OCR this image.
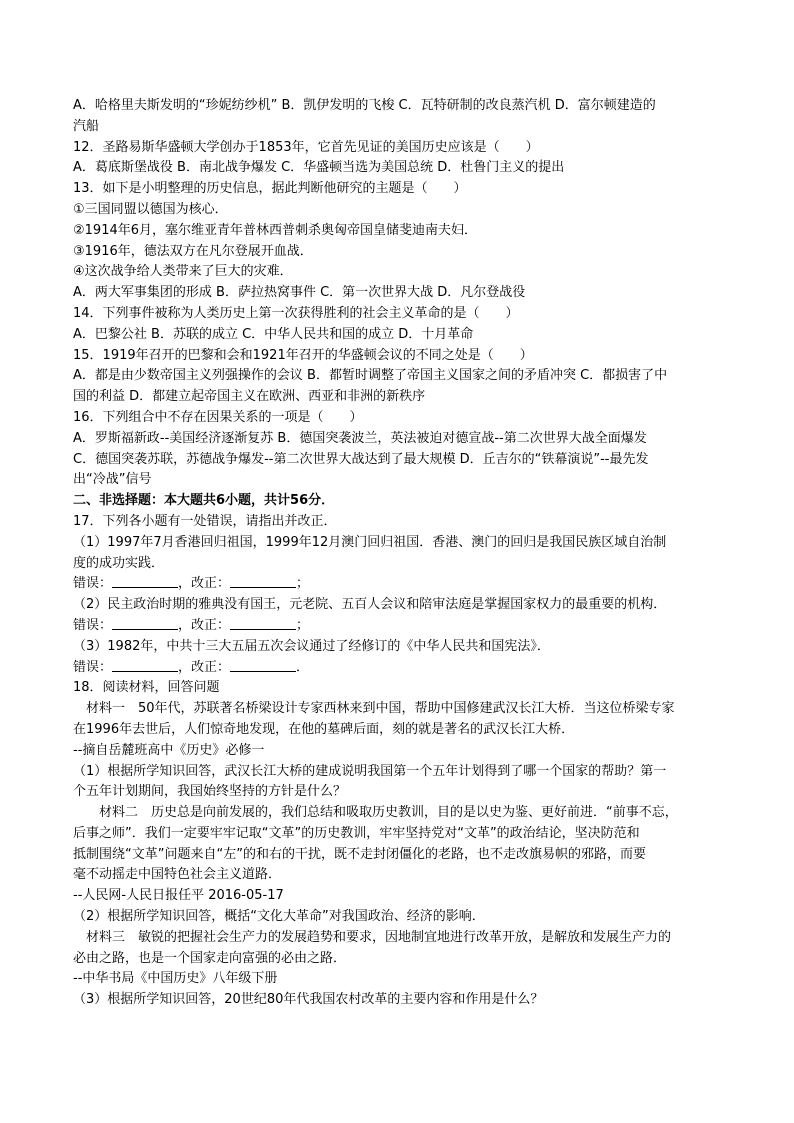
A．哈格里夫斯发明的“珍妮纺纱机” B．凯伊发明的飞梭 C．瓦特研制的改良蒸汽机 D．富尔顿建造的
汽船
12．圣路易斯华盛顿大学创办于1853年，它首先见证的美国历史应该是（　　）
A．葛底斯堡战役 B．南北战争爆发 C．华盛顿当选为美国总统 D．杜鲁门主义的提出
13．如下是小明整理的历史信息，据此判断他研究的主题是（　　）
①三国同盟以德国为核心．
②1914年6月，塞尔维亚青年普林西普刺杀奥匈帝国皇储斐迪南夫妇．
③1916年，德法双方在凡尔登展开血战．
④这次战争给人类带来了巨大的灾难．
A．两大军事集团的形成 B．萨拉热窝事件 C．第一次世界大战 D．凡尔登战役
14．下列事件被称为人类历史上第一次获得胜利的社会主义革命的是（　　）
A．巴黎公社 B．苏联的成立 C．中华人民共和国的成立 D．十月革命
15．1919年召开的巴黎和会和1921年召开的华盛顿会议的不同之处是（　　）
A．都是由少数帝国主义列强操作的会议 B．都暂时调整了帝国主义国家之间的矛盾冲突 C．都损害了中
国的利益 D．都建立起帝国主义在欧洲、西亚和非洲的新秩序
16．下列组合中不存在因果关系的一项是（　　）
A．罗斯福新政--美国经济逐渐复苏 B．德国突袭波兰，英法被迫对德宣战--第二次世界大战全面爆发
C．德国突袭苏联，苏德战争爆发--第二次世界大战达到了最大规模 D．丘吉尔的“铁幕演说”--最先发
出“冷战”信号
二、非选择题：本大题共6小题，共计56分．
17．下列各小题有一处错误，请指出并改正．
（1）1997年7月香港回归祖国，1999年12月澳门回归祖国．香港、澳门的回归是我国民族区域自治制
度的成功实践．
错误：	，改正：	；
（2）民主政治时期的雅典没有国王，元老院、五百人会议和陪审法庭是掌握国家权力的最重要的机构．
错误：	，改正：	；
（3）1982年，中共十三大五届五次会议通过了经修订的《中华人民共和国宪法》．
错误：	，改正：	．
18．阅读材料，回答问题
材料一　50年代，苏联著名桥梁设计专家西林来到中国，帮助中国修建武汉长江大桥．当这位桥梁专家
在1996年去世后，人们惊奇地发现，在他的墓碑后面，刻的就是著名的武汉长江大桥．
--摘自岳麓班高中《历史》必修一
（1）根据所学知识回答，武汉长江大桥的建成说明我国第一个五年计划得到了哪一个国家的帮助？第一
个五年计划期间，我国始终坚持的方针是什么？
材料二　历史总是向前发展的，我们总结和吸取历史教训，目的是以史为鉴、更好前进．“前事不忘，
后事之师”．我们一定要牢牢记取“文革”的历史教训，牢牢坚持党对“文革”的政治结论，坚决防范和
抵制围绕“文革”问题来自“左”的和右的干扰，既不走封闭僵化的老路，也不走改旗易帜的邪路，而要
毫不动摇走中国特色社会主义道路．
--人民网-人民日报任平 2016-05-17
（2）根据所学知识回答，概括“文化大革命”对我国政治、经济的影响．
材料三　敏锐的把握社会生产力的发展趋势和要求，因地制宜地进行改革开放，是解放和发展生产力的
必由之路，也是一个国家走向富强的必由之路．
--中华书局《中国历史》八年级下册
（3）根据所学知识回答，20世纪80年代我国农村改革的主要内容和作用是什么？
